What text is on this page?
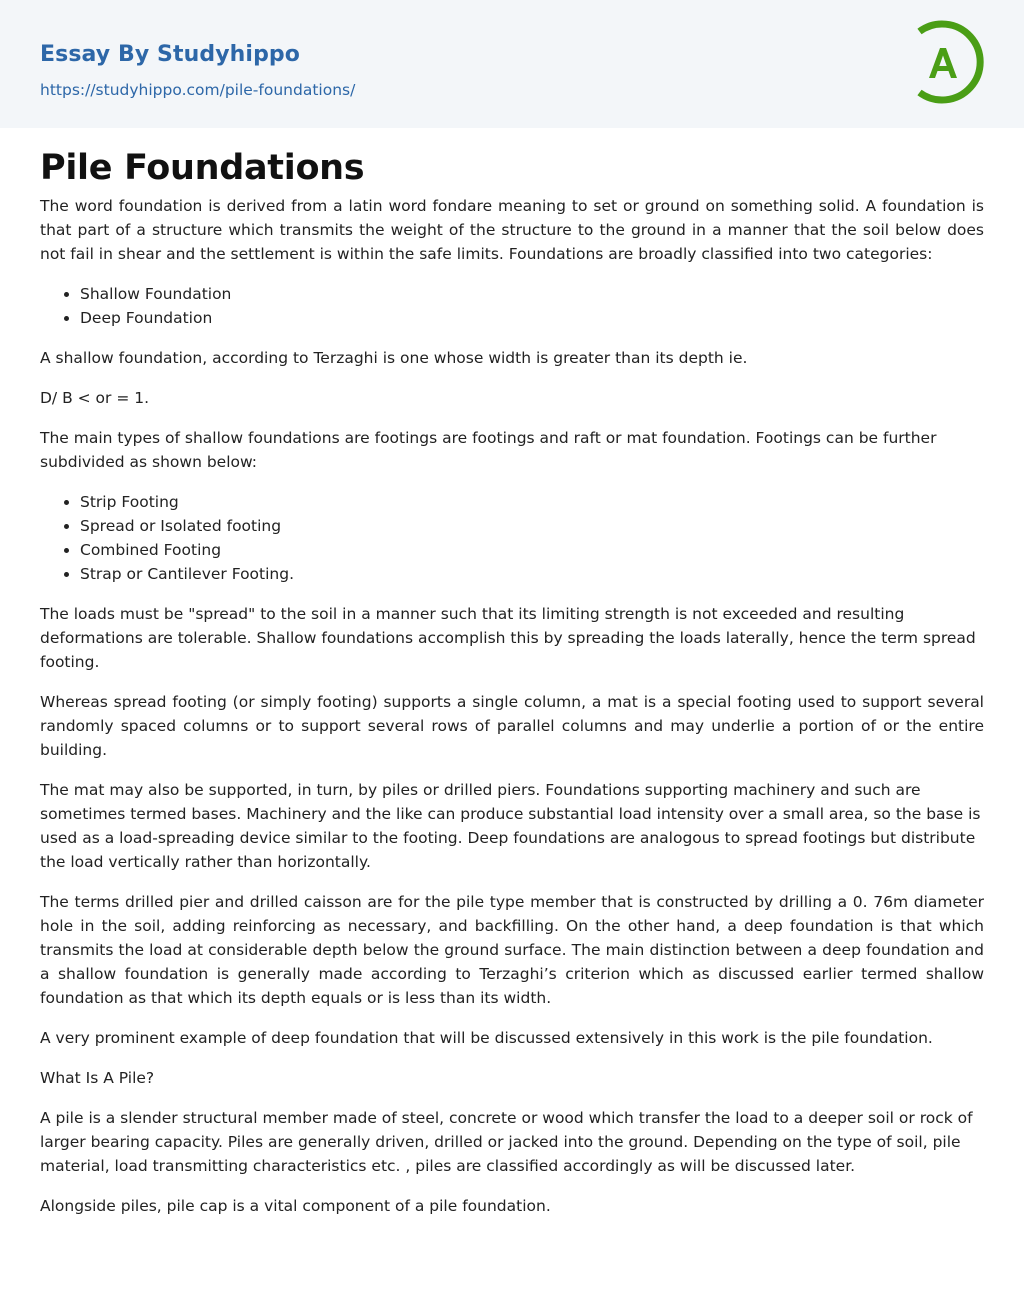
Essay By Studyhippo
https://studyhippo.com/pile-foundations/
Pile Foundations

The word foundation is derived from a latin word fondare meaning to set or ground on something solid. A foundation is that part of a structure which transmits the weight of the structure to the ground in a manner that the soil below does not fail in shear and the settlement is within the safe limits. Foundations are broadly classified into two categories:

• Shallow Foundation
• Deep Foundation

A shallow foundation, according to Terzaghi is one whose width is greater than its depth ie.

D/ B < or = 1.

The main types of shallow foundations are footings are footings and raft or mat foundation. Footings can be further subdivided as shown below:

• Strip Footing
• Spread or Isolated footing
• Combined Footing
• Strap or Cantilever Footing.

The loads must be "spread" to the soil in a manner such that its limiting strength is not exceeded and resulting deformations are tolerable. Shallow foundations accomplish this by spreading the loads laterally, hence the term spread footing.

Whereas spread footing (or simply footing) supports a single column, a mat is a special footing used to support several randomly spaced columns or to support several rows of parallel columns and may underlie a portion of or the entire building.

The mat may also be supported, in turn, by piles or drilled piers. Foundations supporting machinery and such are sometimes termed bases. Machinery and the like can produce substantial load intensity over a small area, so the base is used as a load-spreading device similar to the footing. Deep foundations are analogous to spread footings but distribute the load vertically rather than horizontally.

The terms drilled pier and drilled caisson are for the pile type member that is constructed by drilling a 0. 76m diameter hole in the soil, adding reinforcing as necessary, and backfilling. On the other hand, a deep foundation is that which transmits the load at considerable depth below the ground surface. The main distinction between a deep foundation and a shallow foundation is generally made according to Terzaghi’s criterion which as discussed earlier termed shallow foundation as that which its depth equals or is less than its width.

A very prominent example of deep foundation that will be discussed extensively in this work is the pile foundation.

What Is A Pile?

A pile is a slender structural member made of steel, concrete or wood which transfer the load to a deeper soil or rock of larger bearing capacity. Piles are generally driven, drilled or jacked into the ground. Depending on the type of soil, pile material, load transmitting characteristics etc. , piles are classified accordingly as will be discussed later.

Alongside piles, pile cap is a vital component of a pile foundation.
